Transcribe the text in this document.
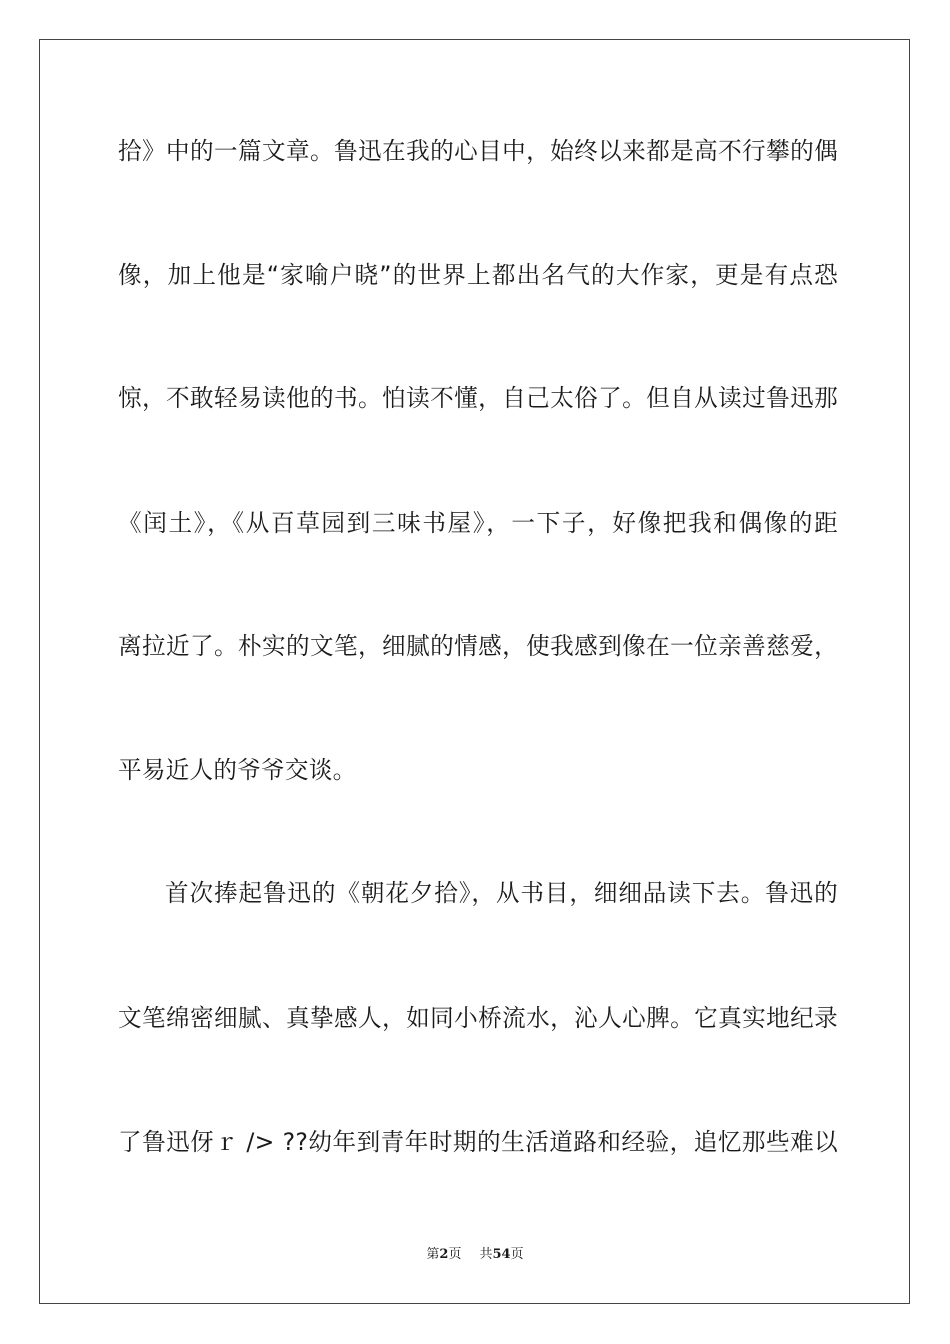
拾》中的一篇文章。鲁迅在我的心目中，始终以来都是高不行攀的偶
像，加上他是“家喻户晓”的世界上都出名气的大作家，更是有点恐
惊，不敢轻易读他的书。怕读不懂，自己太俗了。但自从读过鲁迅那
《闰土》，《从百草园到三味书屋》，一下子，好像把我和偶像的距
离拉近了。朴实的文笔，细腻的情感，使我感到像在一位亲善慈爱，
平易近人的爷爷交谈。
首次捧起鲁迅的《朝花夕拾》，从书目，细细品读下去。鲁迅的
文笔绵密细腻、真挚感人，如同小桥流水，沁人心脾。它真实地纪录
了鲁迅伢ｒ /> ??幼年到青年时期的生活道路和经验，追忆那些难以
第2页 共54页
